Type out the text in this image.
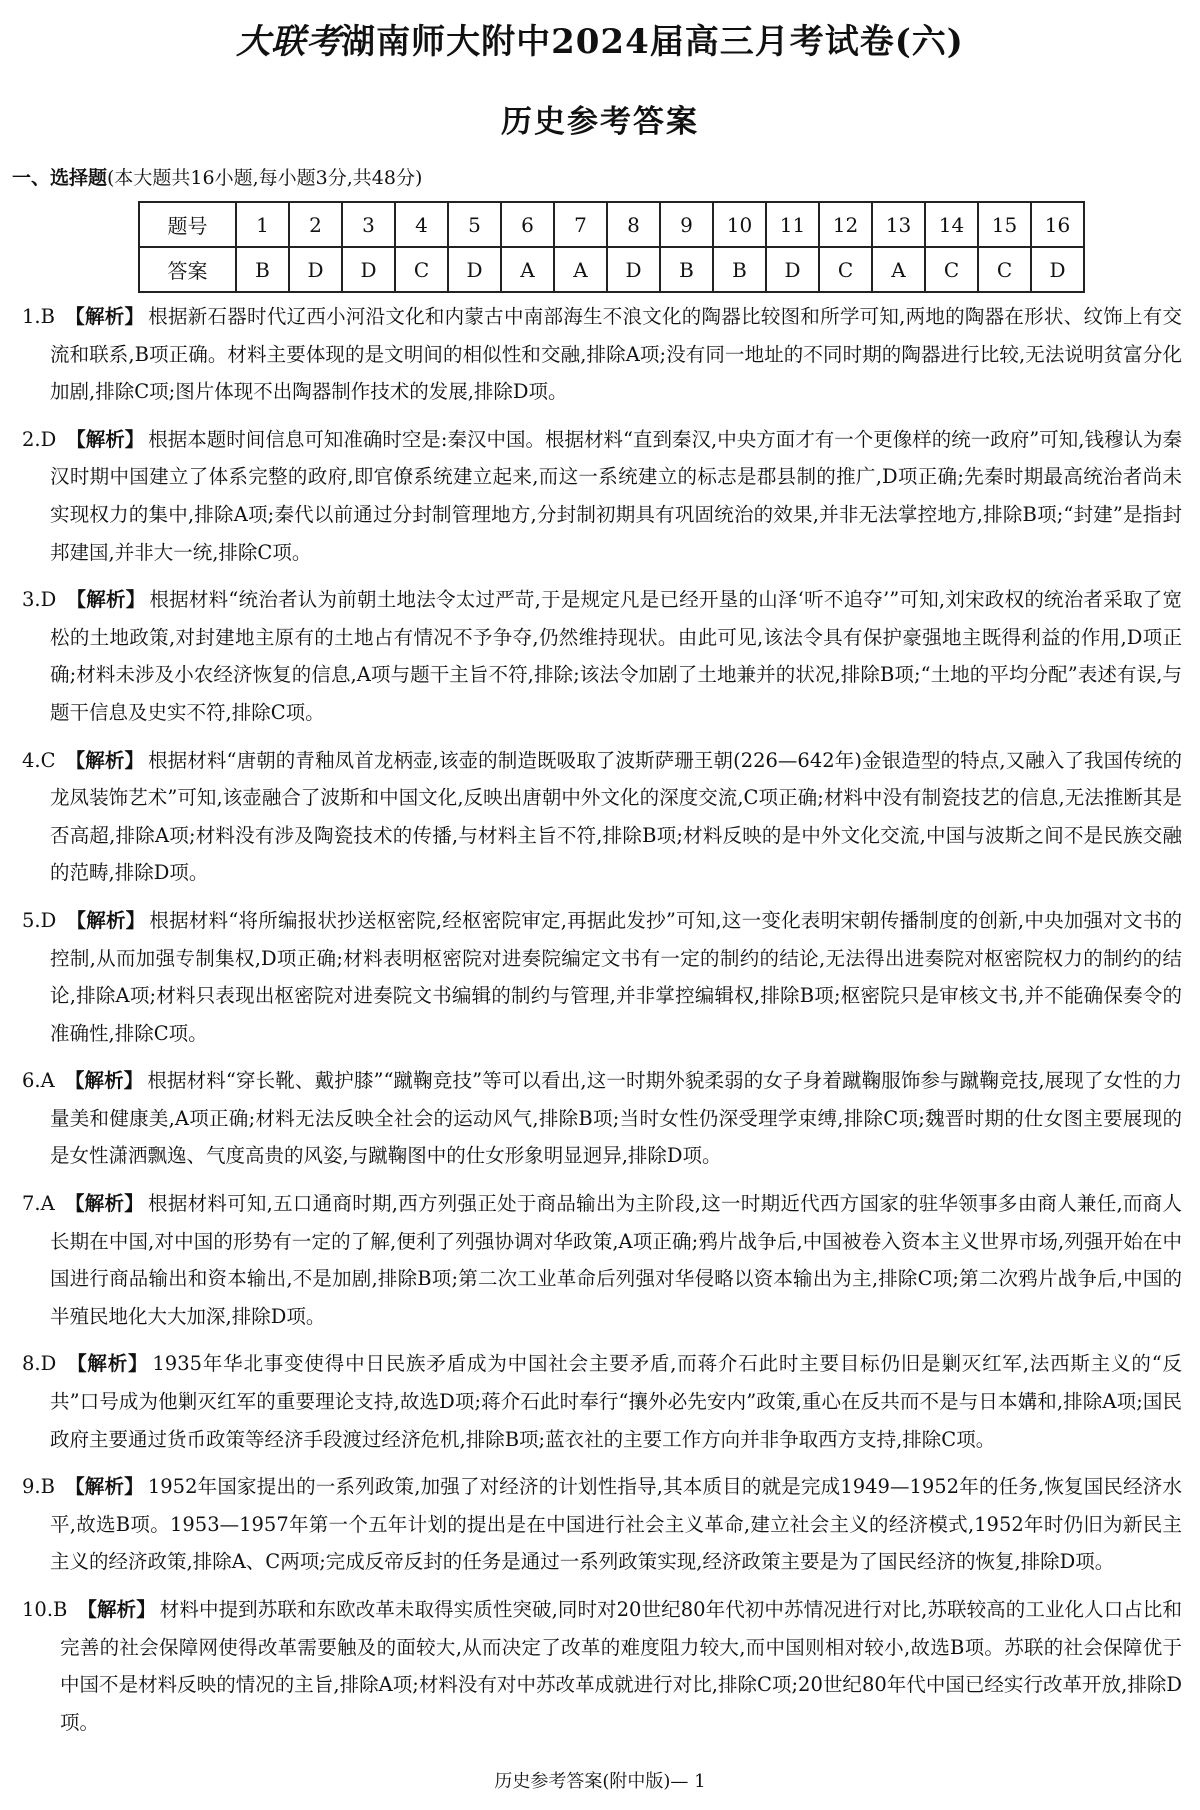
大联考湖南师大附中2024届高三月考试卷(六)
历史参考答案
一、选择题(本大题共16小题,每小题3分,共48分)
题号	1	2	3	4	5	6	7	8	9	10	11	12	13	14	15	16
答案	B	D	D	C	D	A	A	D	B	B	D	C	A	C	C	D
1.B 【解析】 根据新石器时代辽西小河沿文化和内蒙古中南部海生不浪文化的陶器比较图和所学可知,两地的陶器在形状、纹饰上有交流和联系,B项正确。材料主要体现的是文明间的相似性和交融,排除A项;没有同一地址的不同时期的陶器进行比较,无法说明贫富分化加剧,排除C项;图片体现不出陶器制作技术的发展,排除D项。
2.D 【解析】 根据本题时间信息可知准确时空是:秦汉中国。根据材料“直到秦汉,中央方面才有一个更像样的统一政府”可知,钱穆认为秦汉时期中国建立了体系完整的政府,即官僚系统建立起来,而这一系统建立的标志是郡县制的推广,D项正确;先秦时期最高统治者尚未实现权力的集中,排除A项;秦代以前通过分封制管理地方,分封制初期具有巩固统治的效果,并非无法掌控地方,排除B项;“封建”是指封邦建国,并非大一统,排除C项。
3.D 【解析】 根据材料“统治者认为前朝土地法令太过严苛,于是规定凡是已经开垦的山泽‘听不追夺’”可知,刘宋政权的统治者采取了宽松的土地政策,对封建地主原有的土地占有情况不予争夺,仍然维持现状。由此可见,该法令具有保护豪强地主既得利益的作用,D项正确;材料未涉及小农经济恢复的信息,A项与题干主旨不符,排除;该法令加剧了土地兼并的状况,排除B项;“土地的平均分配”表述有误,与题干信息及史实不符,排除C项。
4.C 【解析】 根据材料“唐朝的青釉凤首龙柄壶,该壶的制造既吸取了波斯萨珊王朝(226—642年)金银造型的特点,又融入了我国传统的龙凤装饰艺术”可知,该壶融合了波斯和中国文化,反映出唐朝中外文化的深度交流,C项正确;材料中没有制瓷技艺的信息,无法推断其是否高超,排除A项;材料没有涉及陶瓷技术的传播,与材料主旨不符,排除B项;材料反映的是中外文化交流,中国与波斯之间不是民族交融的范畴,排除D项。
5.D 【解析】 根据材料“将所编报状抄送枢密院,经枢密院审定,再据此发抄”可知,这一变化表明宋朝传播制度的创新,中央加强对文书的控制,从而加强专制集权,D项正确;材料表明枢密院对进奏院编定文书有一定的制约的结论,无法得出进奏院对枢密院权力的制约的结论,排除A项;材料只表现出枢密院对进奏院文书编辑的制约与管理,并非掌控编辑权,排除B项;枢密院只是审核文书,并不能确保奏令的准确性,排除C项。
6.A 【解析】 根据材料“穿长靴、戴护膝”“蹴鞠竞技”等可以看出,这一时期外貌柔弱的女子身着蹴鞠服饰参与蹴鞠竞技,展现了女性的力量美和健康美,A项正确;材料无法反映全社会的运动风气,排除B项;当时女性仍深受理学束缚,排除C项;魏晋时期的仕女图主要展现的是女性潇洒飘逸、气度高贵的风姿,与蹴鞠图中的仕女形象明显迥异,排除D项。
7.A 【解析】 根据材料可知,五口通商时期,西方列强正处于商品输出为主阶段,这一时期近代西方国家的驻华领事多由商人兼任,而商人长期在中国,对中国的形势有一定的了解,便利了列强协调对华政策,A项正确;鸦片战争后,中国被卷入资本主义世界市场,列强开始在中国进行商品输出和资本输出,不是加剧,排除B项;第二次工业革命后列强对华侵略以资本输出为主,排除C项;第二次鸦片战争后,中国的半殖民地化大大加深,排除D项。
8.D 【解析】 1935年华北事变使得中日民族矛盾成为中国社会主要矛盾,而蒋介石此时主要目标仍旧是剿灭红军,法西斯主义的“反共”口号成为他剿灭红军的重要理论支持,故选D项;蒋介石此时奉行“攘外必先安内”政策,重心在反共而不是与日本媾和,排除A项;国民政府主要通过货币政策等经济手段渡过经济危机,排除B项;蓝衣社的主要工作方向并非争取西方支持,排除C项。
9.B 【解析】 1952年国家提出的一系列政策,加强了对经济的计划性指导,其本质目的就是完成1949—1952年的任务,恢复国民经济水平,故选B项。1953—1957年第一个五年计划的提出是在中国进行社会主义革命,建立社会主义的经济模式,1952年时仍旧为新民主主义的经济政策,排除A、C两项;完成反帝反封的任务是通过一系列政策实现,经济政策主要是为了国民经济的恢复,排除D项。
10.B 【解析】 材料中提到苏联和东欧改革未取得实质性突破,同时对20世纪80年代初中苏情况进行对比,苏联较高的工业化人口占比和完善的社会保障网使得改革需要触及的面较大,从而决定了改革的难度阻力较大,而中国则相对较小,故选B项。苏联的社会保障优于中国不是材料反映的情况的主旨,排除A项;材料没有对中苏改革成就进行对比,排除C项;20世纪80年代中国已经实行改革开放,排除D项。
历史参考答案(附中版)— 1
